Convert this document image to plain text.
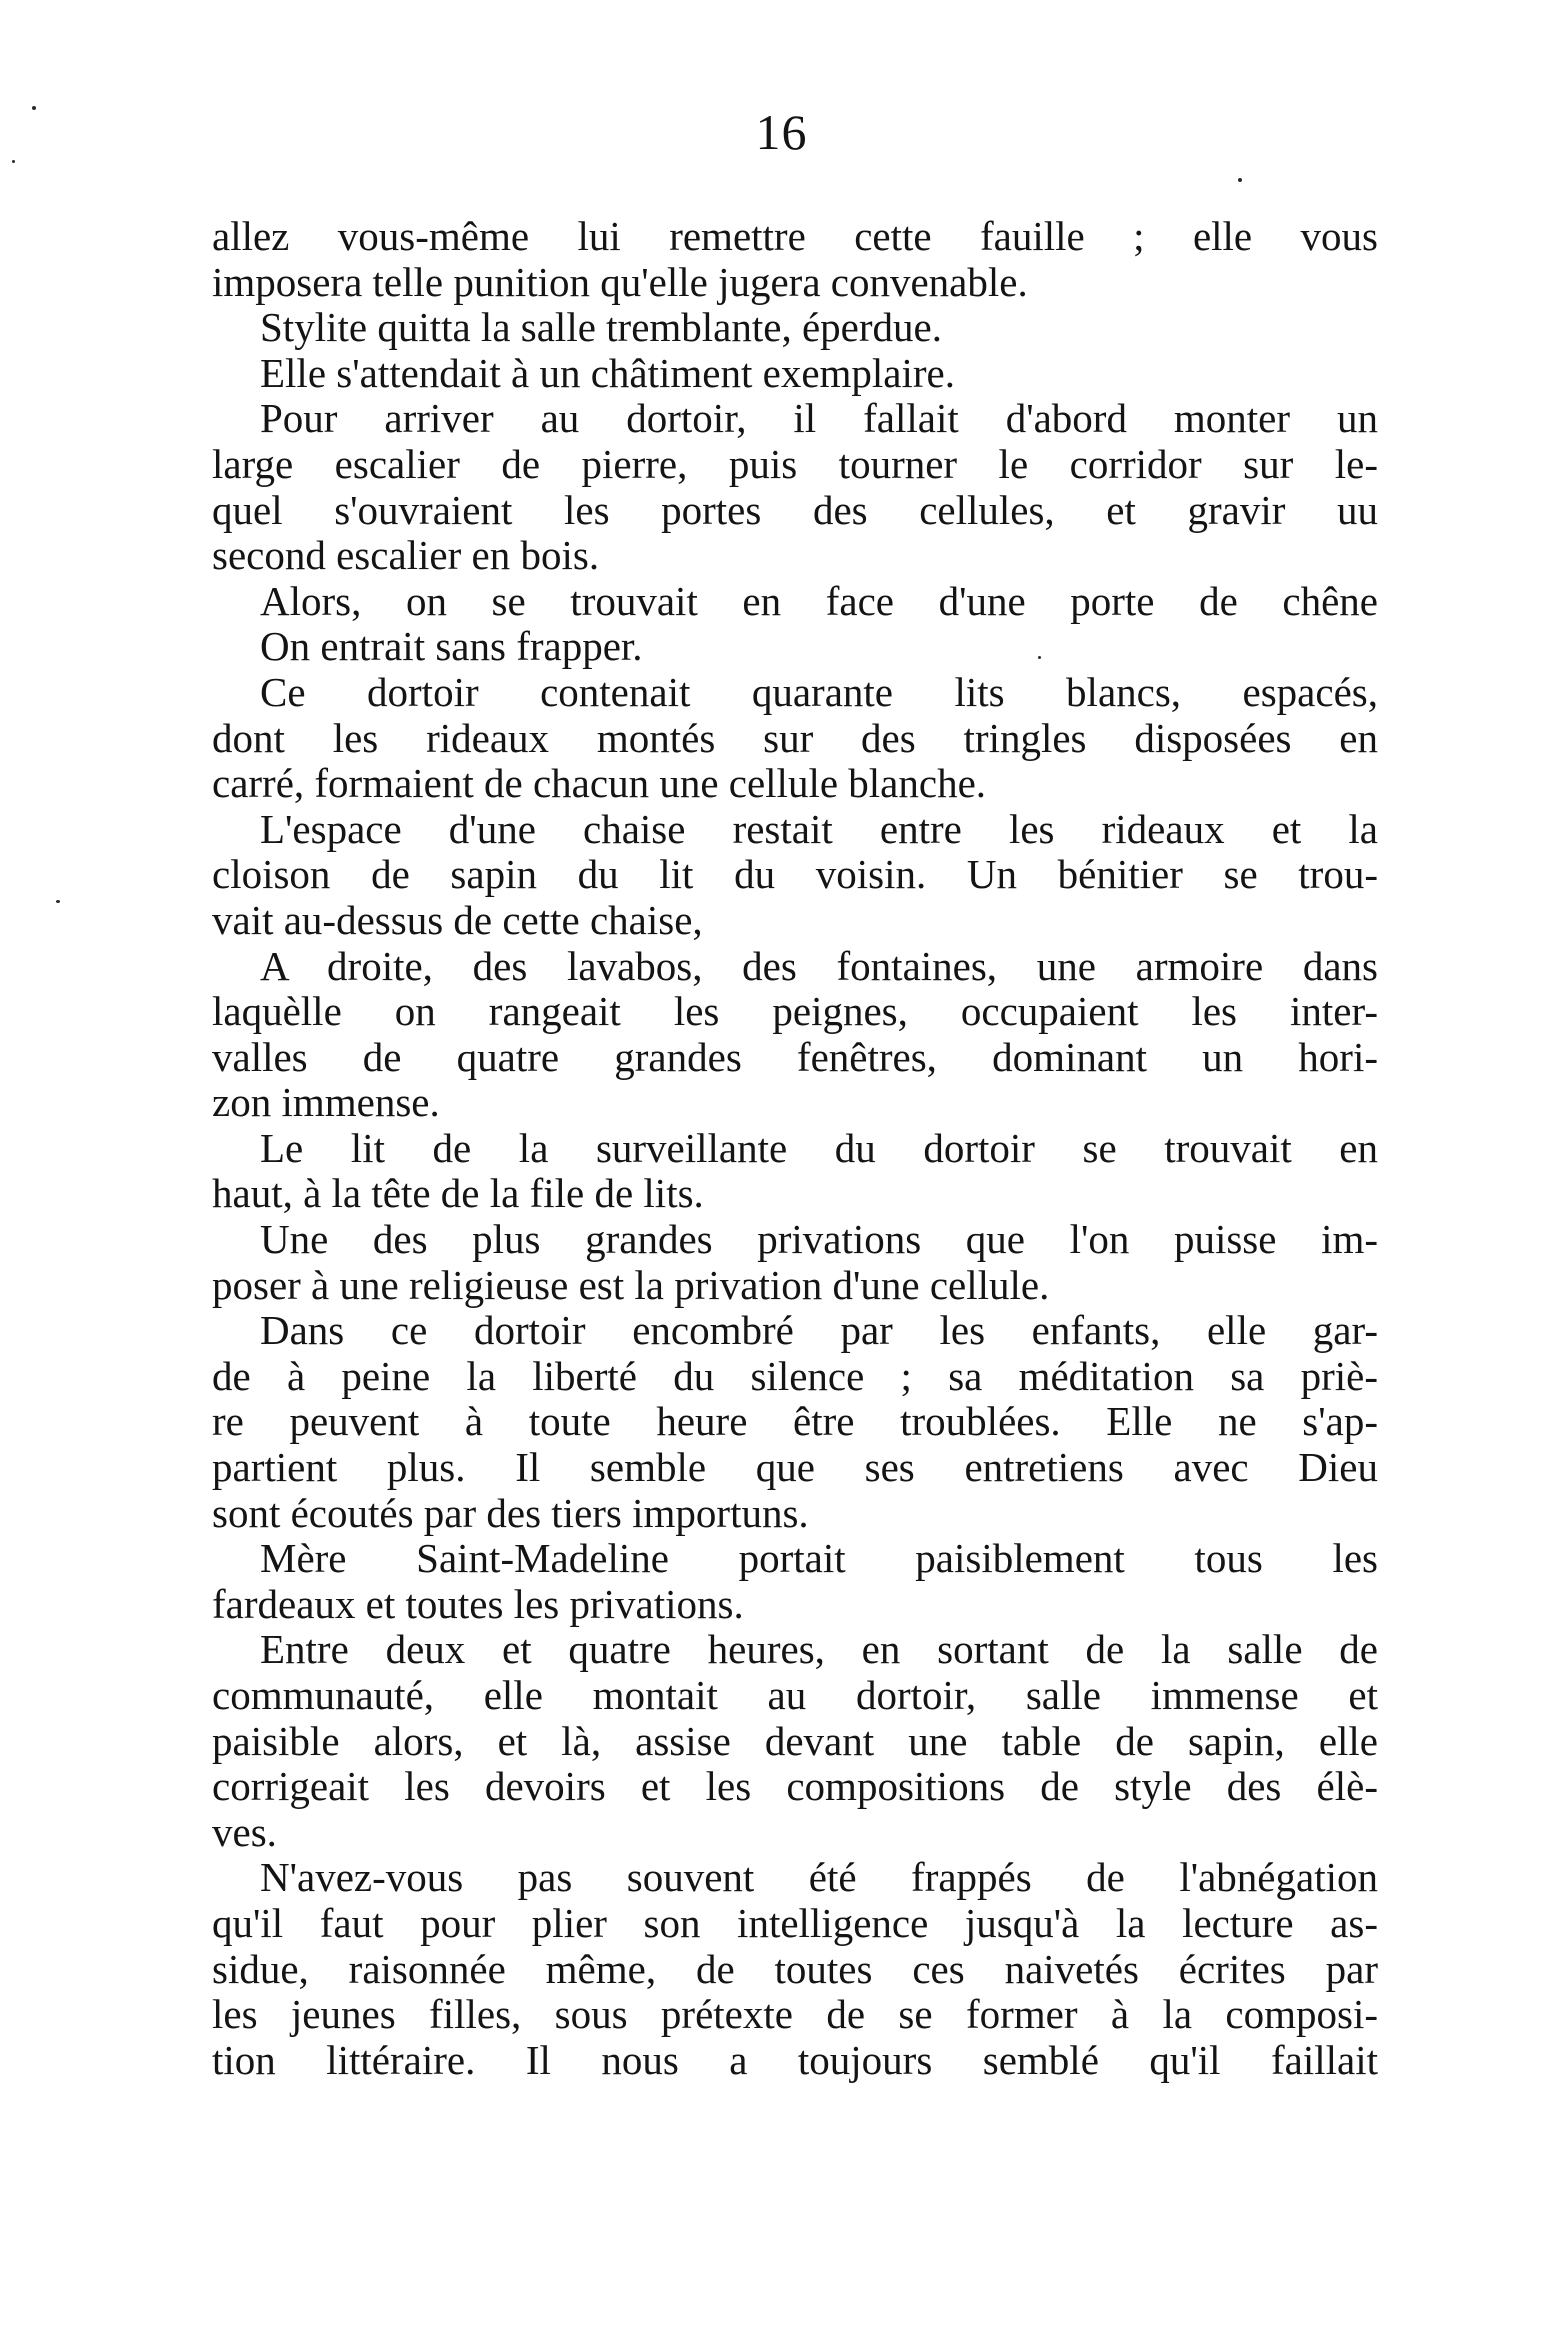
16
allez vous-même lui remettre cette fauille ; elle vous
imposera telle punition qu'elle jugera convenable.
Stylite quitta la salle tremblante, éperdue.
Elle s'attendait à un châtiment exemplaire.
Pour arriver au dortoir, il fallait d'abord monter un
large escalier de pierre, puis tourner le corridor sur le-
quel s'ouvraient les portes des cellules, et gravir uu
second escalier en bois.
Alors, on se trouvait en face d'une porte de chêne
On entrait sans frapper.
Ce dortoir contenait quarante lits blancs, espacés,
dont les rideaux montés sur des tringles disposées en
carré, formaient de chacun une cellule blanche.
L'espace d'une chaise restait entre les rideaux et la
cloison de sapin du lit du voisin. Un bénitier se trou-
vait au-dessus de cette chaise,
A droite, des lavabos, des fontaines, une armoire dans
laquèlle on rangeait les peignes, occupaient les inter-
valles de quatre grandes fenêtres, dominant un hori-
zon immense.
Le lit de la surveillante du dortoir se trouvait en
haut, à la tête de la file de lits.
Une des plus grandes privations que l'on puisse im-
poser à une religieuse est la privation d'une cellule.
Dans ce dortoir encombré par les enfants, elle gar-
de à peine la liberté du silence ; sa méditation sa priè-
re peuvent à toute heure être troublées. Elle ne s'ap-
partient plus. Il semble que ses entretiens avec Dieu
sont écoutés par des tiers importuns.
Mère Saint-Madeline portait paisiblement tous les
fardeaux et toutes les privations.
Entre deux et quatre heures, en sortant de la salle de
communauté, elle montait au dortoir, salle immense et
paisible alors, et là, assise devant une table de sapin, elle
corrigeait les devoirs et les compositions de style des élè-
ves.
N'avez-vous pas souvent été frappés de l'abnégation
qu'il faut pour plier son intelligence jusqu'à la lecture as-
sidue, raisonnée même, de toutes ces naivetés écrites par
les jeunes filles, sous prétexte de se former à la composi-
tion littéraire. Il nous a toujours semblé qu'il faillait
